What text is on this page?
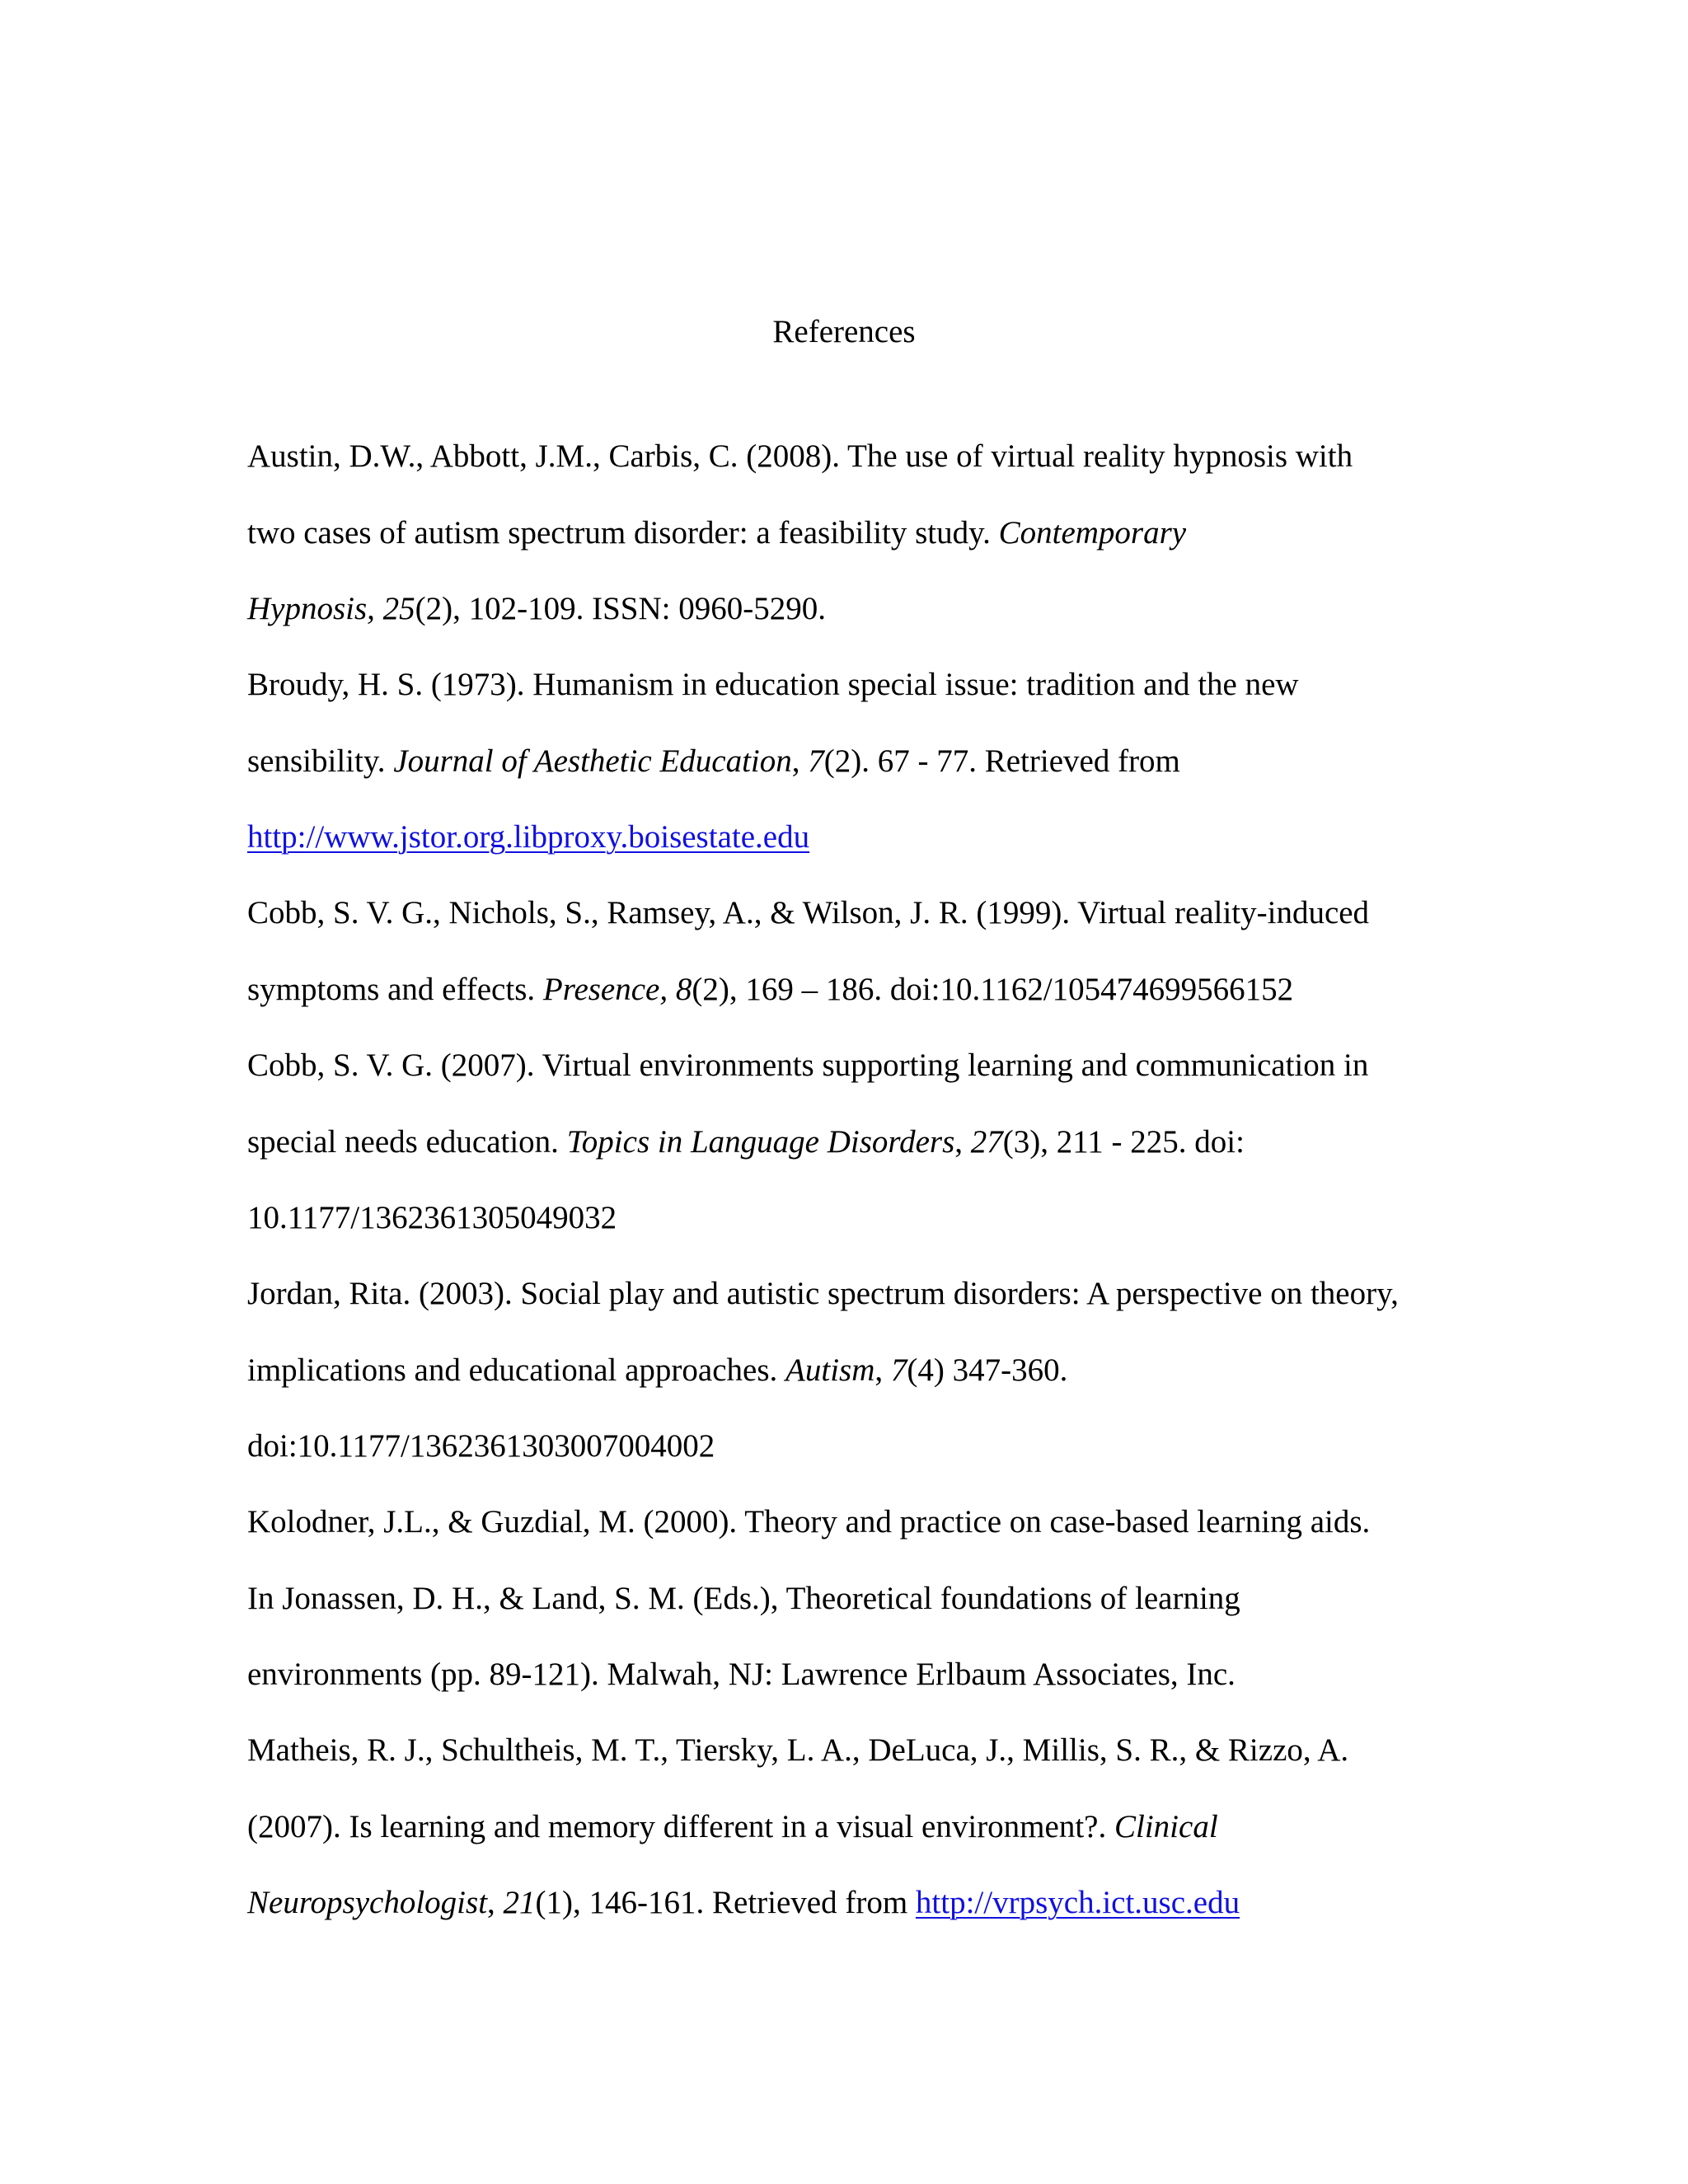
References
Austin, D.W., Abbott, J.M., Carbis, C. (2008). The use of virtual reality hypnosis with
two cases of autism spectrum disorder: a feasibility study. Contemporary
Hypnosis, 25(2), 102-109. ISSN: 0960-5290.
Broudy, H. S. (1973). Humanism in education special issue: tradition and the new
sensibility. Journal of Aesthetic Education, 7(2). 67 - 77. Retrieved from
http://www.jstor.org.libproxy.boisestate.edu
Cobb, S. V. G., Nichols, S., Ramsey, A., & Wilson, J. R. (1999). Virtual reality-induced
symptoms and effects. Presence, 8(2), 169 – 186. doi:10.1162/105474699566152
Cobb, S. V. G. (2007). Virtual environments supporting learning and communication in
special needs education. Topics in Language Disorders, 27(3), 211 - 225. doi:
10.1177/1362361305049032
Jordan, Rita. (2003). Social play and autistic spectrum disorders: A perspective on theory,
implications and educational approaches. Autism, 7(4) 347-360.
doi:10.1177/1362361303007004002
Kolodner, J.L., & Guzdial, M. (2000). Theory and practice on case-based learning aids.
In Jonassen, D. H., & Land, S. M. (Eds.), Theoretical foundations of learning
environments (pp. 89-121). Malwah, NJ: Lawrence Erlbaum Associates, Inc.
Matheis, R. J., Schultheis, M. T., Tiersky, L. A., DeLuca, J., Millis, S. R., & Rizzo, A.
(2007). Is learning and memory different in a visual environment?. Clinical
Neuropsychologist, 21(1), 146-161. Retrieved from http://vrpsych.ict.usc.edu
